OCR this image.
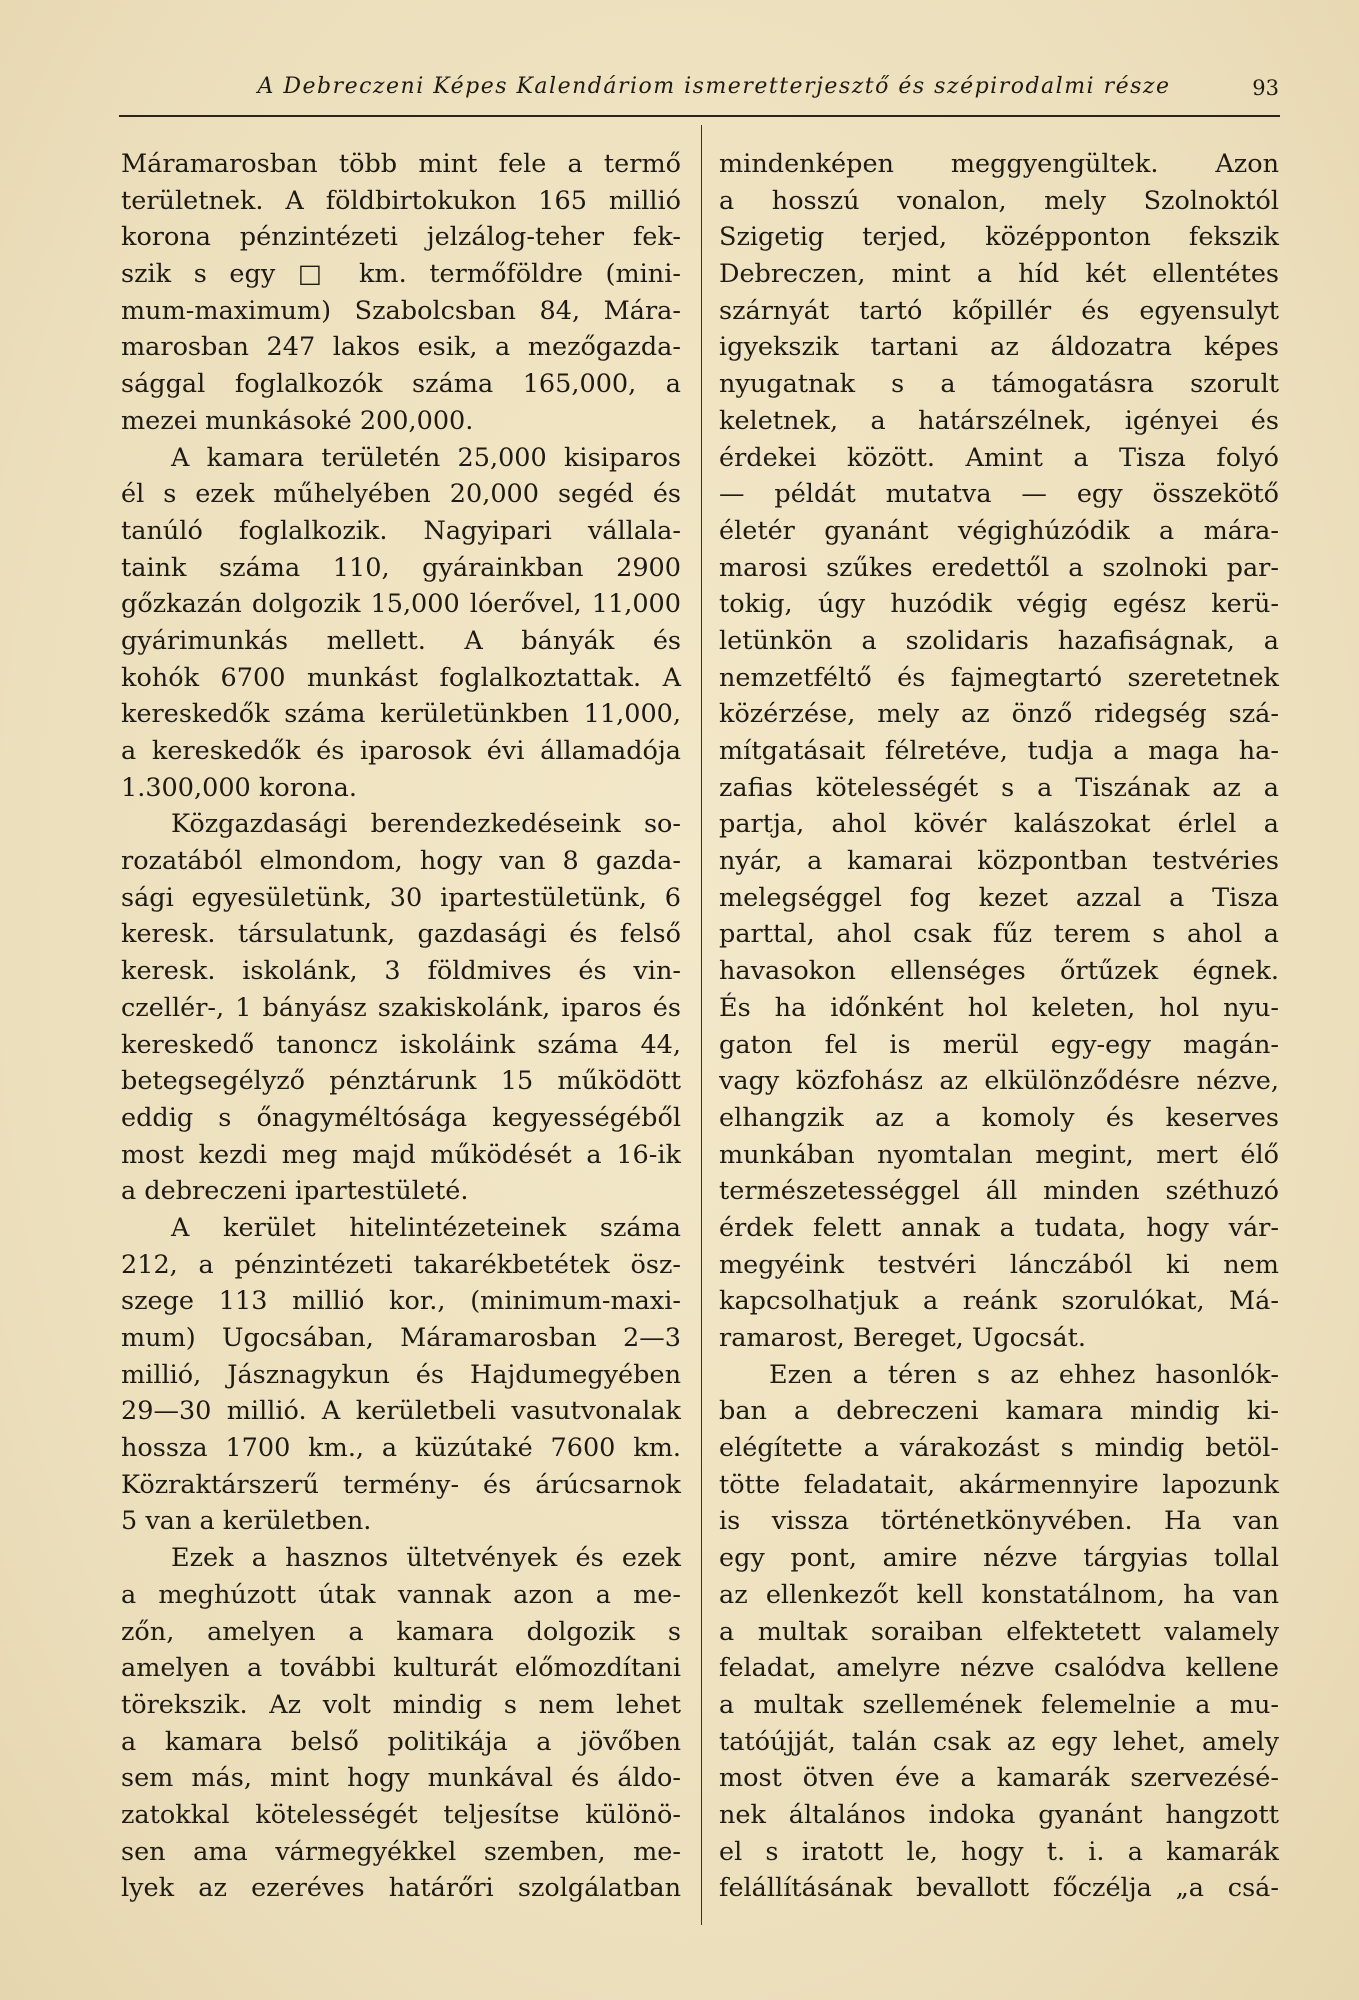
A Debreczeni Képes Kalendáriom ismeretterjesztő és szépirodalmi része	93
Máramarosban több mint fele a termő
területnek. A földbirtokukon 165 millió
korona pénzintézeti jelzálog-teher fek-
szik s egy □ km. termőföldre (mini-
mum-maximum) Szabolcsban 84, Mára-
marosban 247 lakos esik, a mezőgazda-
sággal foglalkozók száma 165,000, a
mezei munkásoké 200,000.
A kamara területén 25,000 kisiparos
él s ezek műhelyében 20,000 segéd és
tanúló foglalkozik. Nagyipari vállala-
taink száma 110, gyárainkban 2900
gőzkazán dolgozik 15,000 lóerővel, 11,000
gyárimunkás mellett. A bányák és
kohók 6700 munkást foglalkoztattak. A
kereskedők száma kerületünkben 11,000,
a kereskedők és iparosok évi államadója
1.300,000 korona.
Közgazdasági berendezkedéseink so-
rozatából elmondom, hogy van 8 gazda-
sági egyesületünk, 30 ipartestületünk, 6
keresk. társulatunk, gazdasági és felső
keresk. iskolánk, 3 földmives és vin-
czellér-, 1 bányász szakiskolánk, iparos és
kereskedő tanoncz iskoláink száma 44,
betegsegélyző pénztárunk 15 működött
eddig s őnagyméltósága kegyességéből
most kezdi meg majd működését a 16-ik
a debreczeni ipartestületé.
A kerület hitelintézeteinek száma
212, a pénzintézeti takarékbetétek ösz-
szege 113 millió kor., (minimum-maxi-
mum) Ugocsában, Máramarosban 2—3
millió, Jásznagykun és Hajdumegyében
29—30 millió. A kerületbeli vasutvonalak
hossza 1700 km., a küzútaké 7600 km.
Közraktárszerű termény- és árúcsarnok
5 van a kerületben.
Ezek a hasznos ültetvények és ezek
a meghúzott útak vannak azon a me-
zőn, amelyen a kamara dolgozik s
amelyen a további kulturát előmozdítani
törekszik. Az volt mindig s nem lehet
a kamara belső politikája a jövőben
sem más, mint hogy munkával és áldo-
zatokkal kötelességét teljesítse különö-
sen ama vármegyékkel szemben, me-
lyek az ezeréves határőri szolgálatban
mindenképen meggyengültek. Azon
a hosszú vonalon, mely Szolnoktól
Szigetig terjed, középponton fekszik
Debreczen, mint a híd két ellentétes
szárnyát tartó kőpillér és egyensulyt
igyekszik tartani az áldozatra képes
nyugatnak s a támogatásra szorult
keletnek, a határszélnek, igényei és
érdekei között. Amint a Tisza folyó
— példát mutatva — egy összekötő
életér gyanánt végighúzódik a mára-
marosi szűkes eredettől a szolnoki par-
tokig, úgy huzódik végig egész kerü-
letünkön a szolidaris hazafiságnak, a
nemzetféltő és fajmegtartó szeretetnek
közérzése, mely az önző ridegség szá-
mítgatásait félretéve, tudja a maga ha-
zafias kötelességét s a Tiszának az a
partja, ahol kövér kalászokat érlel a
nyár, a kamarai központban testvéries
melegséggel fog kezet azzal a Tisza
parttal, ahol csak fűz terem s ahol a
havasokon ellenséges őrtűzek égnek.
És ha időnként hol keleten, hol nyu-
gaton fel is merül egy-egy magán-
vagy közfohász az elkülönződésre nézve,
elhangzik az a komoly és keserves
munkában nyomtalan megint, mert élő
természetességgel áll minden széthuzó
érdek felett annak a tudata, hogy vár-
megyéink testvéri lánczából ki nem
kapcsolhatjuk a reánk szorulókat, Má-
ramarost, Bereget, Ugocsát.
Ezen a téren s az ehhez hasonlók-
ban a debreczeni kamara mindig ki-
elégítette a várakozást s mindig betöl-
tötte feladatait, akármennyire lapozunk
is vissza történetkönyvében. Ha van
egy pont, amire nézve tárgyias tollal
az ellenkezőt kell konstatálnom, ha van
a multak soraiban elfektetett valamely
feladat, amelyre nézve csalódva kellene
a multak szellemének felemelnie a mu-
tatóújját, talán csak az egy lehet, amely
most ötven éve a kamarák szervezésé-
nek általános indoka gyanánt hangzott
el s iratott le, hogy t. i. a kamarák
felállításának bevallott főczélja „a csá-
